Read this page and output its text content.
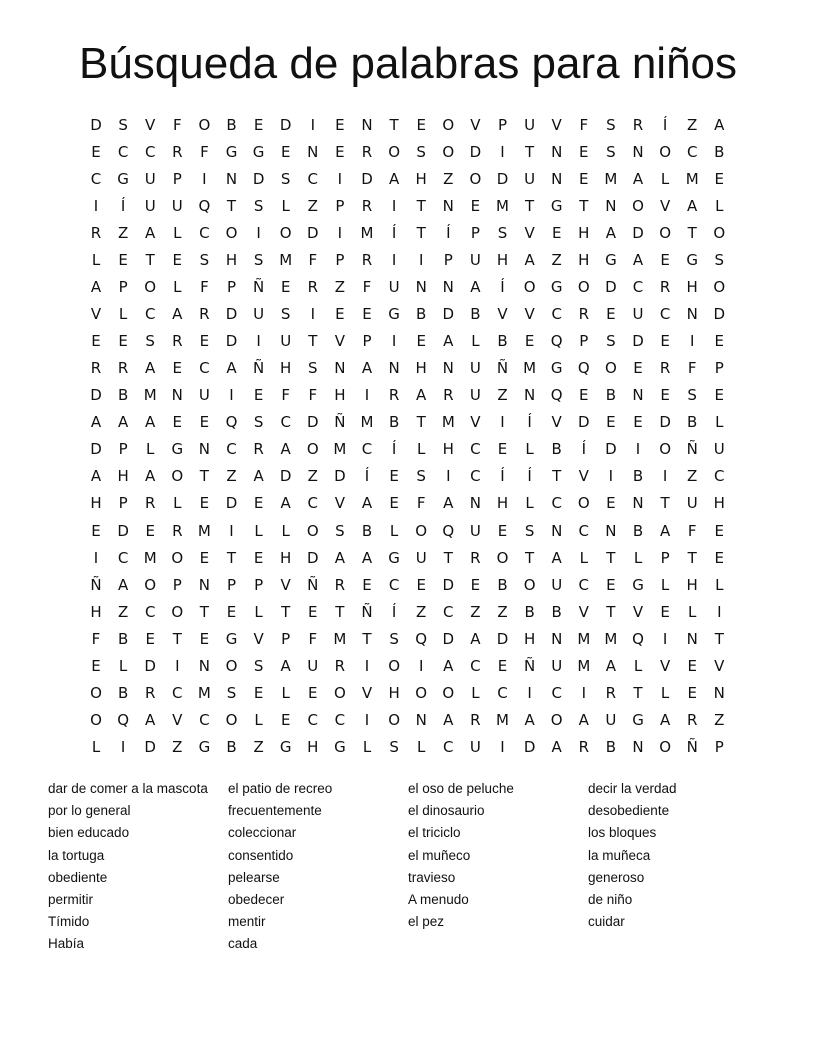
Búsqueda de palabras para niños
D	S	V	F	O	B	E	D	I	E	N	T	E	O	V	P	U	V	F	S	R	Í	Z	A
E	C	C	R	F	G	G	E	N	E	R	O	S	O	D	I	T	N	E	S	N	O	C	B
C	G	U	P	I	N	D	S	C	I	D	A	H	Z	O	D	U	N	E	M	A	L	M	E
I	Í	U	U	Q	T	S	L	Z	P	R	I	T	N	E	M	T	G	T	N	O	V	A	L
R	Z	A	L	C	O	I	O	D	I	M	Í	T	Í	P	S	V	E	H	A	D	O	T	O
L	E	T	E	S	H	S	M	F	P	R	I	I	P	U	H	A	Z	H	G	A	E	G	S
A	P	O	L	F	P	Ñ	E	R	Z	F	U	N	N	A	Í	O	G	O	D	C	R	H	O
V	L	C	A	R	D	U	S	I	E	E	G	B	D	B	V	V	C	R	E	U	C	N	D
E	E	S	R	E	D	I	U	T	V	P	I	E	A	L	B	E	Q	P	S	D	E	I	E
R	R	A	E	C	A	Ñ	H	S	N	A	N	H	N	U	Ñ	M G	Q	O	E	R	F	P
D	B	M	N	U	I	E	F	F	H	I	R	A	R	U	Z	N	Q	E	B	N	E	S	E
A	A	A	E	E	Q	S	C	D	Ñ	M	B	T	M	V	I	Í	V	D	E	E	D	B	L
D	P	L	G	N	C	R	A	O M	C	Í	L	H	C	E	L	B	Í	D	I	O	Ñ	U
A	H	A	O	T	Z	A	D	Z	D	Í	E	S	I	C	Í	Í	T	V	I	B	I	Z	C
H	P	R	L	E	D	E	A	C	V	A	E	F	A	N	H	L	C	O	E	N	T	U	H
E	D	E	R	M	I	L	L	O	S	B	L	O	Q	U	E	S	N	C	N	B	A	F	E
I	C	M O	E	T	E	H	D	A	A	G	U	T	R	O	T	A	L	T	L	P	T	E
Ñ	A	O	P	N	P	P	V	Ñ	R	E	C	E	D	E	B	O	U	C	E	G	L	H	L
H	Z	C	O	T	E	L	T	E	T	Ñ	Í	Z	C	Z	Z	B	B	V	T	V	E	L	I
F	B	E	T	E	G	V	P	F	M	T	S	Q	D	A	D	H	N	M M Q	I	N	T
E	L	D	I	N	O	S	A	U	R	I	O	I	A	C	E	Ñ	U	M	A	L	V	E	V
O	B	R	C	M	S	E	L	E	O	V	H	O	O	L	C	I	C	I	R	T	L	E	N
O	Q	A	V	C	O	L	E	C	C	I	O	N	A	R	M	A	O	A	U	G	A	R	Z
L	I	D	Z	G	B	Z	G	H	G	L	S	L	C	U	I	D	A	R	B	N	O	Ñ	P
dar de comer a la mascota
por lo general
bien educado
la tortuga
obediente
permitir
Tímido
Había
el patio de recreo
frecuentemente
coleccionar
consentido
pelearse
obedecer
mentir
cada
el oso de peluche
el dinosaurio
el triciclo
el muñeco
travieso
A menudo
el pez
decir la verdad
desobediente
los bloques
la muñeca
generoso
de niño
cuidar
